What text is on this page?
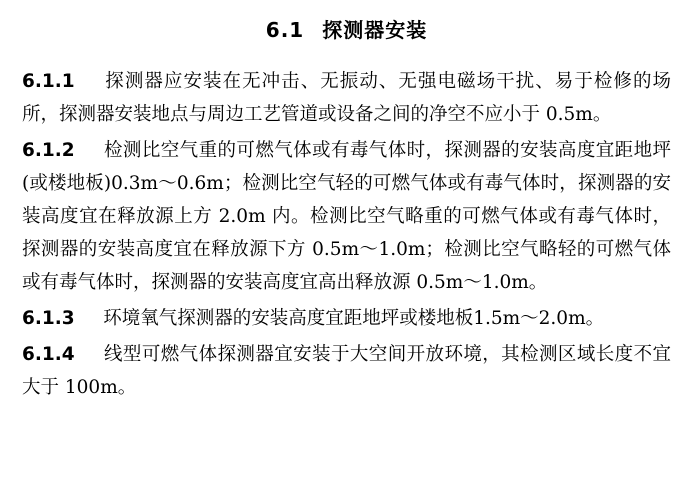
6.1 探测器安装

6.1.1　探测器应安装在无冲击、无振动、无强电磁场干扰、易于检修的场所，探测器安装地点与周边工艺管道或设备之间的净空不应小于 0.5m。

6.1.2　检测比空气重的可燃气体或有毒气体时，探测器的安装高度宜距地坪(或楼地板)0.3m～0.6m；检测比空气轻的可燃气体或有毒气体时，探测器的安装高度宜在释放源上方 2.0m 内。检测比空气略重的可燃气体或有毒气体时，探测器的安装高度宜在释放源下方 0.5m～1.0m；检测比空气略轻的可燃气体或有毒气体时，探测器的安装高度宜高出释放源 0.5m～1.0m。

6.1.3　环境氧气探测器的安装高度宜距地坪或楼地板1.5m～2.0m。

6.1.4　线型可燃气体探测器宜安装于大空间开放环境，其检测区域长度不宜大于 100m。
